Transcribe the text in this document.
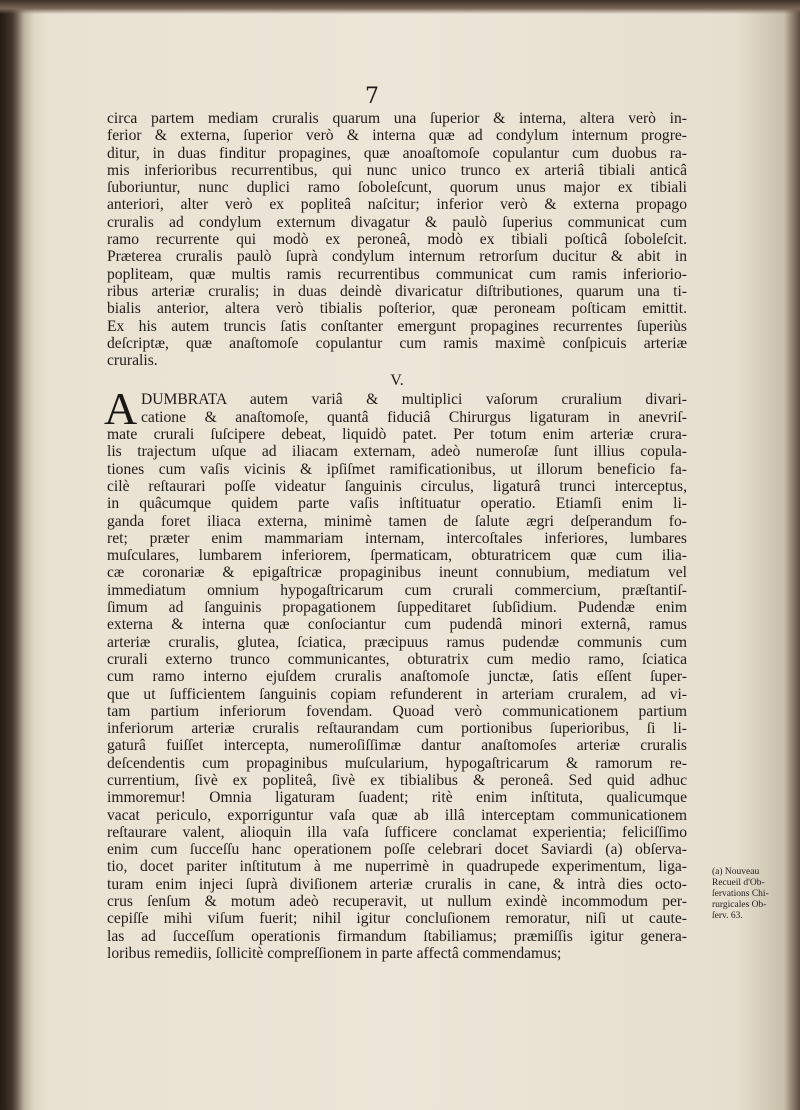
7
circa partem mediam cruralis quarum una ſuperior & interna, altera verò in-
ferior & externa, ſuperior verò & interna quæ ad condylum internum progre-
ditur, in duas finditur propagines, quæ anoaſtomoſe copulantur cum duobus ra-
mis inferioribus recurrentibus, qui nunc unico trunco ex arteriâ tibiali anticâ
ſuboriuntur, nunc duplici ramo ſoboleſcunt, quorum unus major ex tibiali
anteriori, alter verò ex popliteâ naſcitur; inferior verò & externa propago
cruralis ad condylum externum divagatur & paulò ſuperius communicat cum
ramo recurrente qui modò ex peroneâ, modò ex tibiali poſticâ ſoboleſcit.
Præterea cruralis paulò ſuprà condylum internum retrorſum ducitur & abit in
popliteam, quæ multis ramis recurrentibus communicat cum ramis inferiorio-
ribus arteriæ cruralis; in duas deindè divaricatur diſtributiones, quarum una ti-
bialis anterior, altera verò tibialis poſterior, quæ peroneam poſticam emittit.
Ex his autem truncis ſatis conſtanter emergunt propagines recurrentes ſuperiùs
deſcriptæ, quæ anaſtomoſe copulantur cum ramis maximè conſpicuis arteriæ
cruralis.
V.
A DUMBRATA autem variâ & multiplici vaſorum cruralium divari-
catione & anaſtomoſe, quantâ fiduciâ Chirurgus ligaturam in anevriſ-
mate crurali ſuſcipere debeat, liquidò patet. Per totum enim arteriæ crura-
lis trajectum uſque ad iliacam externam, adeò numeroſæ ſunt illius copula-
tiones cum vaſis vicinis & ipſiſmet ramificationibus, ut illorum beneficio fa-
cilè reſtaurari poſſe videatur ſanguinis circulus, ligaturâ trunci interceptus,
in quâcumque quidem parte vaſis inſtituatur operatio. Etiamſi enim li-
ganda foret iliaca externa, minimè tamen de ſalute ægri deſperandum fo-
ret; præter enim mammariam internam, intercoſtales inferiores, lumbares
muſculares, lumbarem inferiorem, ſpermaticam, obturatricem quæ cum ilia-
cæ coronariæ & epigaſtricæ propaginibus ineunt connubium, mediatum vel
immediatum omnium hypogaſtricarum cum crurali commercium, præſtantiſ-
ſimum ad ſanguinis propagationem ſuppeditaret ſubſidium. Pudendæ enim
externa & interna quæ conſociantur cum pudendâ minori externâ, ramus
arteriæ cruralis, glutea, ſciatica, præcipuus ramus pudendæ communis cum
crurali externo trunco communicantes, obturatrix cum medio ramo, ſciatica
cum ramo interno ejuſdem cruralis anaſtomoſe junctæ, ſatis eſſent ſuper-
que ut ſufficientem ſanguinis copiam refunderent in arteriam cruralem, ad vi-
tam partium inferiorum fovendam. Quoad verò communicationem partium
inferiorum arteriæ cruralis reſtaurandam cum portionibus ſuperioribus, ſi li-
gaturâ fuiſſet intercepta, numeroſiſſimæ dantur anaſtomoſes arteriæ cruralis
deſcendentis cum propaginibus muſcularium, hypogaſtricarum & ramorum re-
currentium, ſivè ex popliteâ, ſivè ex tibialibus & peroneâ. Sed quid adhuc
immoremur! Omnia ligaturam ſuadent; ritè enim inſtituta, qualicumque
vacat periculo, exporriguntur vaſa quæ ab illâ interceptam communicationem
reſtaurare valent, alioquin illa vaſa ſufficere conclamat experientia; feliciſſimo
enim cum ſucceſſu hanc operationem poſſe celebrari docet Saviardi (a) obſerva-
tio, docet pariter inſtitutum à me nuperrimè in quadrupede experimentum, liga-
turam enim injeci ſuprà diviſionem arteriæ cruralis in cane, & intrà dies octo-
crus ſenſum & motum adeò recuperavit, ut nullum exindè incommodum per-
cepiſſe mihi viſum fuerit; nihil igitur concluſionem remoratur, niſi ut caute-
las ad ſucceſſum operationis firmandum ſtabiliamus; præmiſſis igitur genera-
loribus remediis, ſollicitè compreſſionem in parte affectâ commendamus;
(a) Nouveau
Recueil d'Ob-
ſervations Chi-
rurgicales Ob-
ſerv. 63.
